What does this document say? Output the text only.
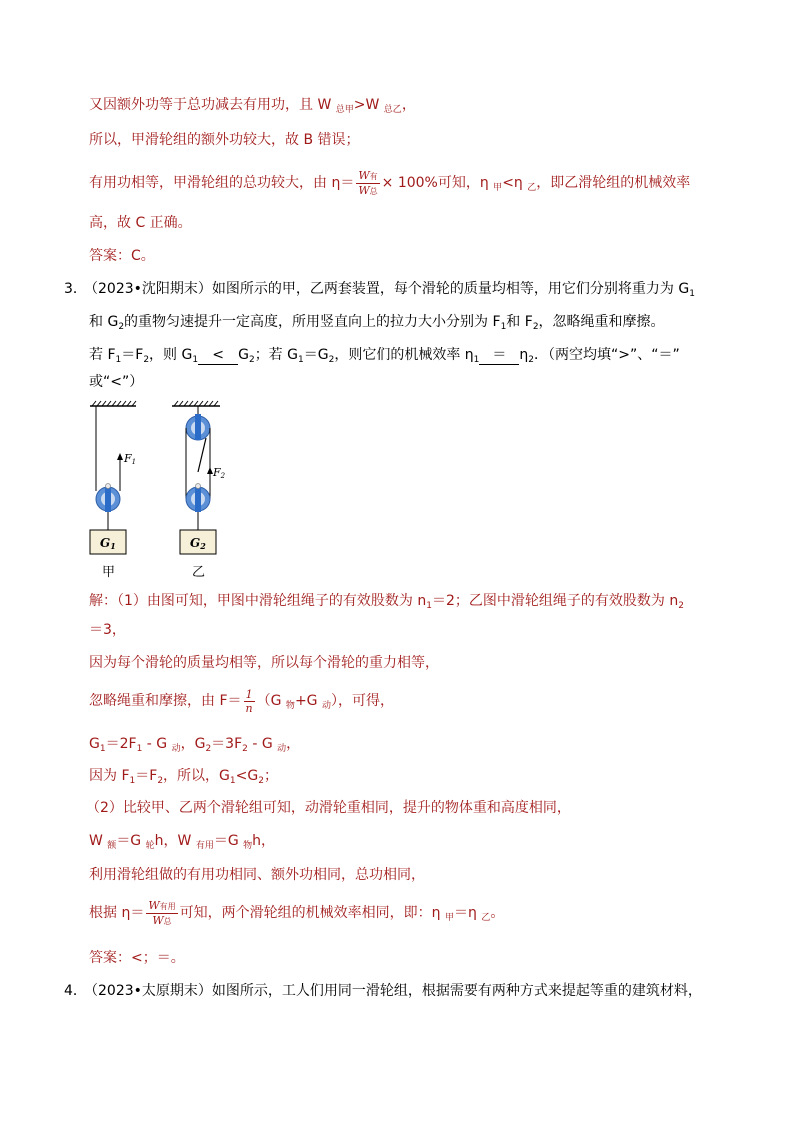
又因额外功等于总功减去有用功，且 W $_{总甲}$>W $_{总乙}$，
所以，甲滑轮组的额外功较大，故 B 错误；
有用功相等，甲滑轮组的总功较大，由 $\eta= \frac{\text{W有}}{\text{W总}} \times 100\%$可知，η $_甲$<η $_乙$，即乙滑轮组的机械效率
高，故 C 正确。
答案：C。
3．
（2023•沈阳期末）如图所示的甲，乙两套装置，每个滑轮的质量均相等，用它们分别将重力为 $G_1$
和 $G_2$的重物匀速提升一定高度，所用竖直向上的拉力大小分别为 $F_1$和 $F_2$，忽略绳重和摩擦。
若 $F_1=F_2$，则 $G_1 < G_2$；若 $G_1=G_2$，则它们的机械效率 $\eta_1 = \eta_2$．（两空均填“>”、“＝”
或“<”）
F1
F2
G1	G2
甲	乙
解：（1）由图可知，甲图中滑轮组绳子的有效股数为 $n_1=2$；乙图中滑轮组绳子的有效股数为 $n_2$
＝3，
因为每个滑轮的质量均相等，所以每个滑轮的重力相等，
忽略绳重和摩擦，由 $F= \frac{1}{n} (G$ $_物$+G $_动$），可得，
$G_1=2F_1 - G$ $_动$，$G_2=3F_2 - G$ $_动$，
因为 $F_1=F_2$，所以，$G_1<G_2$；
（2）比较甲、乙两个滑轮组可知，动滑轮重相同，提升的物体重和高度相同，
W $_额$＝G $_轮$h，W $_{有用}$＝G $_物$h，
利用滑轮组做的有用功相同、额外功相同，总功相同，
根据 $\eta= \frac{\text{W有用}}{\text{W总}}$ 可知，两个滑轮组的机械效率相同，即：η $_甲$＝η $_乙$。
答案：<；＝。
4．
（2023•太原期末）如图所示，工人们用同一滑轮组，根据需要有两种方式来提起等重的建筑材料，
